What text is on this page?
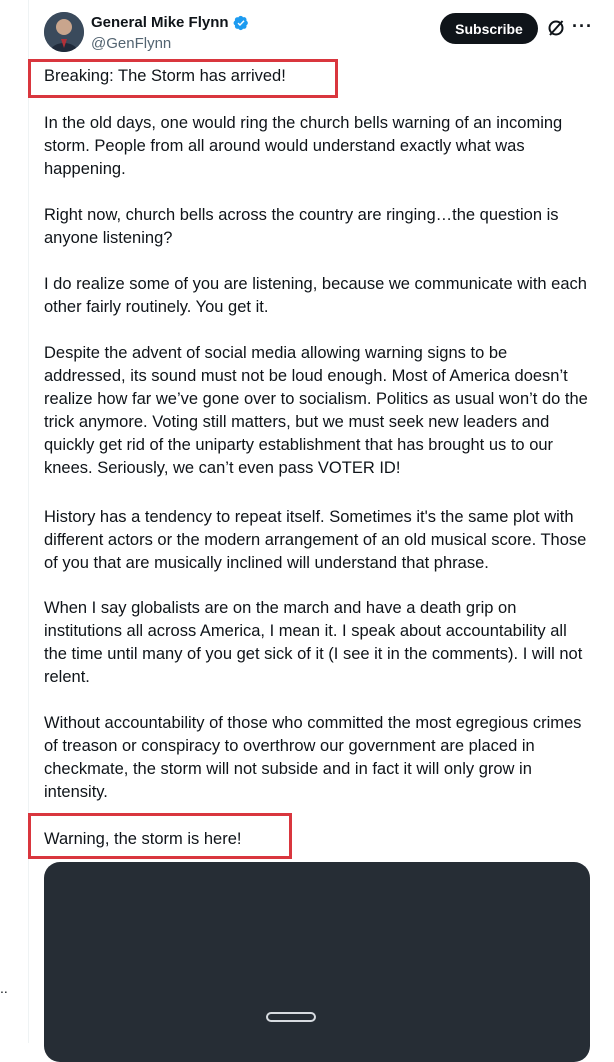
General Mike Flynn
@GenFlynn
Subscribe	···

Breaking: The Storm has arrived!

In the old days, one would ring the church bells warning of an incoming storm. People from all around would understand exactly what was happening.

Right now, church bells across the country are ringing…the question is anyone listening?

I do realize some of you are listening, because we communicate with each other fairly routinely. You get it.

Despite the advent of social media allowing warning signs to be addressed, its sound must not be loud enough. Most of America doesn’t realize how far we’ve gone over to socialism. Politics as usual won’t do the trick anymore. Voting still matters, but we must seek new leaders and quickly get rid of the uniparty establishment that has brought us to our knees. Seriously, we can’t even pass VOTER ID!

History has a tendency to repeat itself. Sometimes it's the same plot with different actors or the modern arrangement of an old musical score. Those of you that are musically inclined will understand that phrase.

When I say globalists are on the march and have a death grip on institutions all across America, I mean it. I speak about accountability all the time until many of you get sick of it (I see it in the comments). I will not relent.

Without accountability of those who committed the most egregious crimes of treason or conspiracy to overthrow our government are placed in checkmate, the storm will not subside and in fact it will only grow in intensity.

Warning, the storm is here!

..
